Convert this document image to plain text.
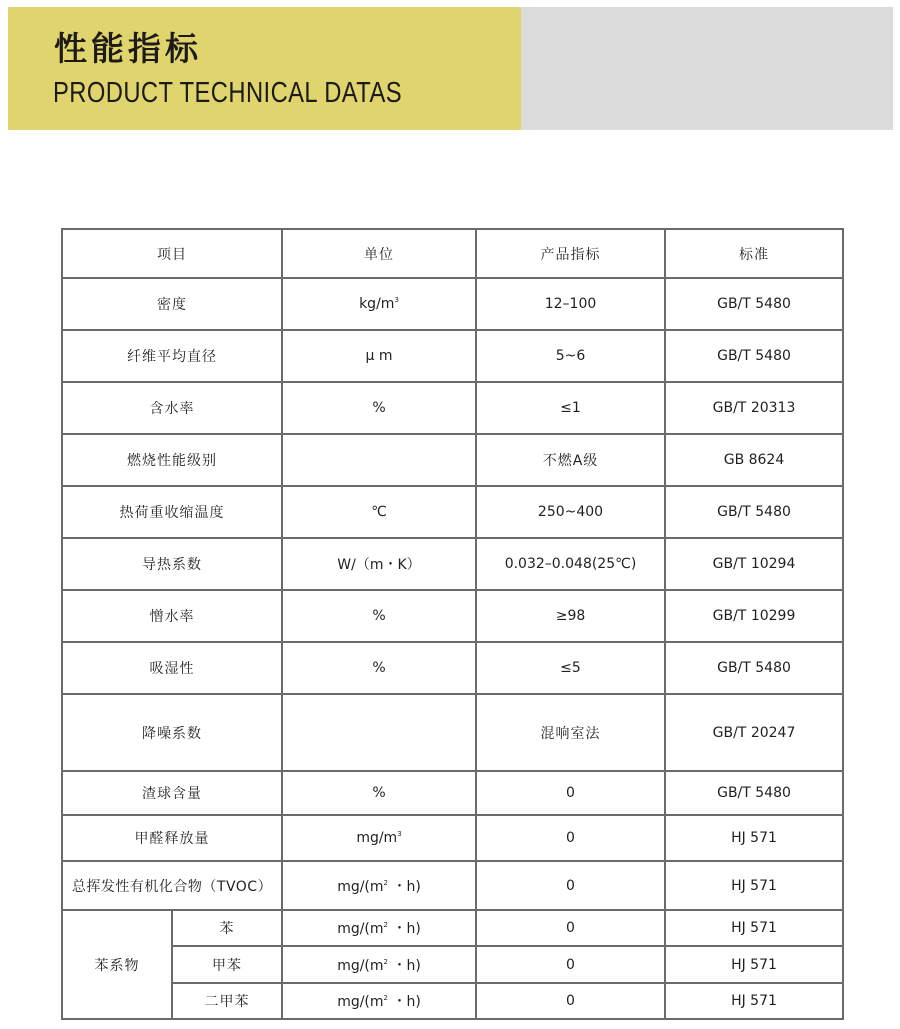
性能指标
PRODUCT TECHNICAL DATAS
项目		单位	产品指标	标准
密度		$kg/m^3$	12–100	GB/T 5480
纤维平均直径		μ m	5~6	GB/T 5480
含水率		%	≤1	GB/T 20313
燃烧性能级别			不燃A级	GB 8624
热荷重收缩温度		℃	250~400	GB/T 5480
导热系数		W/（m・K）	0.032–0.048(25℃)	GB/T 10294
憎水率		%	≥98	GB/T 10299
吸湿性		%	≤5	GB/T 5480
降噪系数			混响室法	GB/T 20247
渣球含量		%	0	GB/T 5480
甲醛释放量		$mg/m^3$	0	HJ 571
总挥发性有机化合物（TVOC）		$mg/(m^2$ ・h)	0	HJ 571
苯系物	苯	$mg/(m^2$ ・h)	0	HJ 571
	甲苯	$mg/(m^2$ ・h)	0	HJ 571
	二甲苯	$mg/(m^2$ ・h)	0	HJ 571
